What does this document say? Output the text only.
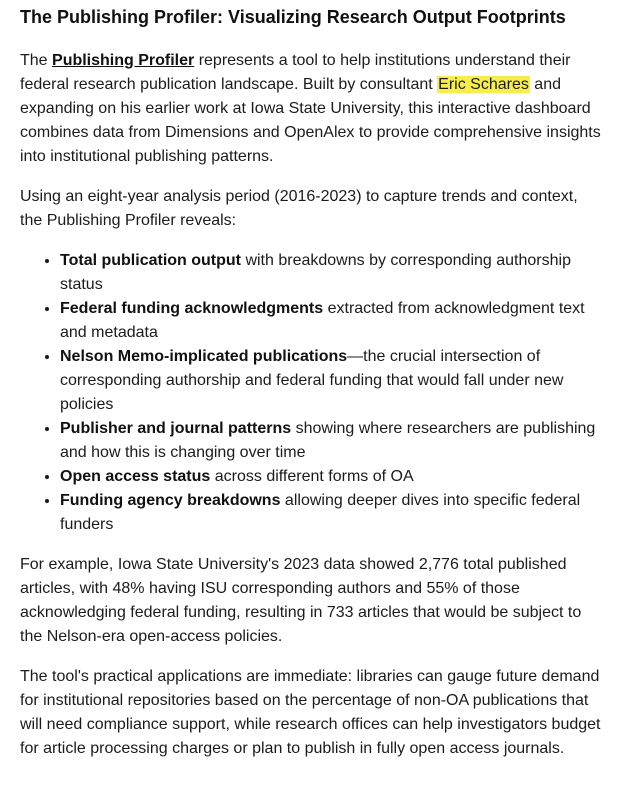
The Publishing Profiler: Visualizing Research Output Footprints

The Publishing Profiler represents a tool to help institutions understand their federal research publication landscape. Built by consultant Eric Schares and expanding on his earlier work at Iowa State University, this interactive dashboard combines data from Dimensions and OpenAlex to provide comprehensive insights into institutional publishing patterns.

Using an eight-year analysis period (2016-2023) to capture trends and context, the Publishing Profiler reveals:

• Total publication output with breakdowns by corresponding authorship status
• Federal funding acknowledgments extracted from acknowledgment text and metadata
• Nelson Memo-implicated publications—the crucial intersection of corresponding authorship and federal funding that would fall under new policies
• Publisher and journal patterns showing where researchers are publishing and how this is changing over time
• Open access status across different forms of OA
• Funding agency breakdowns allowing deeper dives into specific federal funders

For example, Iowa State University's 2023 data showed 2,776 total published articles, with 48% having ISU corresponding authors and 55% of those acknowledging federal funding, resulting in 733 articles that would be subject to the Nelson-era open-access policies.

The tool's practical applications are immediate: libraries can gauge future demand for institutional repositories based on the percentage of non-OA publications that will need compliance support, while research offices can help investigators budget for article processing charges or plan to publish in fully open access journals.
